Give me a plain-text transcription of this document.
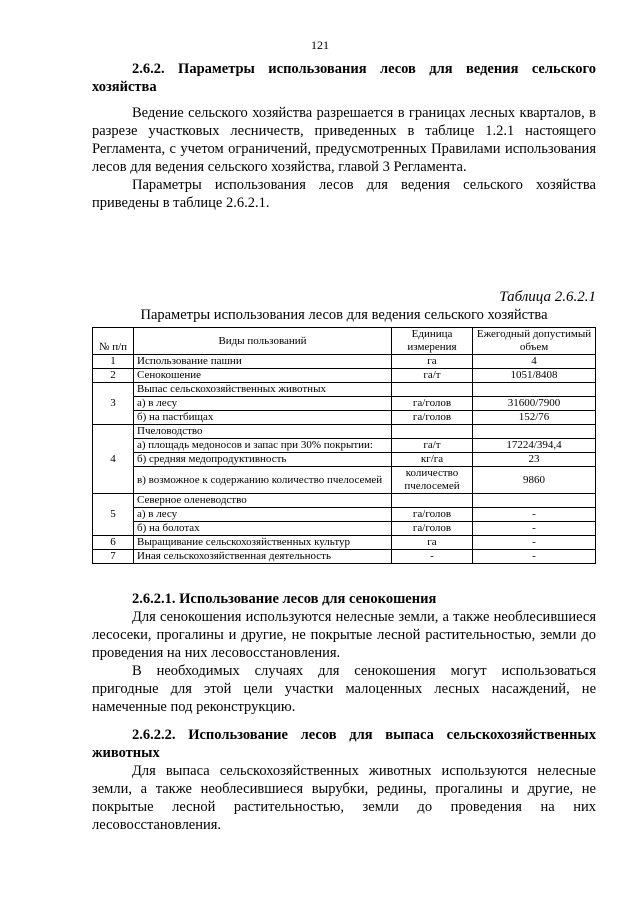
121

2.6.2. Параметры использования лесов для ведения сельского хозяйства

Ведение сельского хозяйства разрешается в границах лесных кварталов, в разрезе участковых лесничеств, приведенных в таблице 1.2.1 настоящего Регламента, с учетом ограничений, предусмотренных Правилами использования лесов для ведения сельского хозяйства, главой 3 Регламента.

Параметры использования лесов для ведения сельского хозяйства приведены в таблице 2.6.2.1.

Таблица 2.6.2.1
Параметры использования лесов для ведения сельского хозяйства
№ п/п	Виды пользований	Единица измерения	Ежегодный допустимый объем
1	Использование пашни	га	4
2	Сенокошение	га/т	1051/8408
3	Выпас сельскохозяйственных животных		
	а) в лесу	га/голов	31600/7900
	б) на пастбищах	га/голов	152/76
4	Пчеловодство		
	а) площадь медоносов и запас при 30% покрытии:	га/т	17224/394,4
	б) средняя медопродуктивность	кг/га	23
	в) возможное к содержанию количество пчелосемей	количество пчелосемей	9860
5	Северное оленеводство		
	а) в лесу	га/голов	-
	б) на болотах	га/голов	-
6	Выращивание сельскохозяйственных культур	га	-
7	Иная сельскохозяйственная деятельность	-	-

2.6.2.1. Использование лесов для сенокошения

Для сенокошения используются нелесные земли, а также необлесившиеся лесосеки, прогалины и другие, не покрытые лесной растительностью, земли до проведения на них лесовосстановления.

В необходимых случаях для сенокошения могут использоваться пригодные для этой цели участки малоценных лесных насаждений, не намеченные под реконструкцию.

2.6.2.2. Использование лесов для выпаса сельскохозяйственных животных

Для выпаса сельскохозяйственных животных используются нелесные земли, а также необлесившиеся вырубки, редины, прогалины и другие, не покрытые лесной растительностью, земли до проведения на них лесовосстановления.
